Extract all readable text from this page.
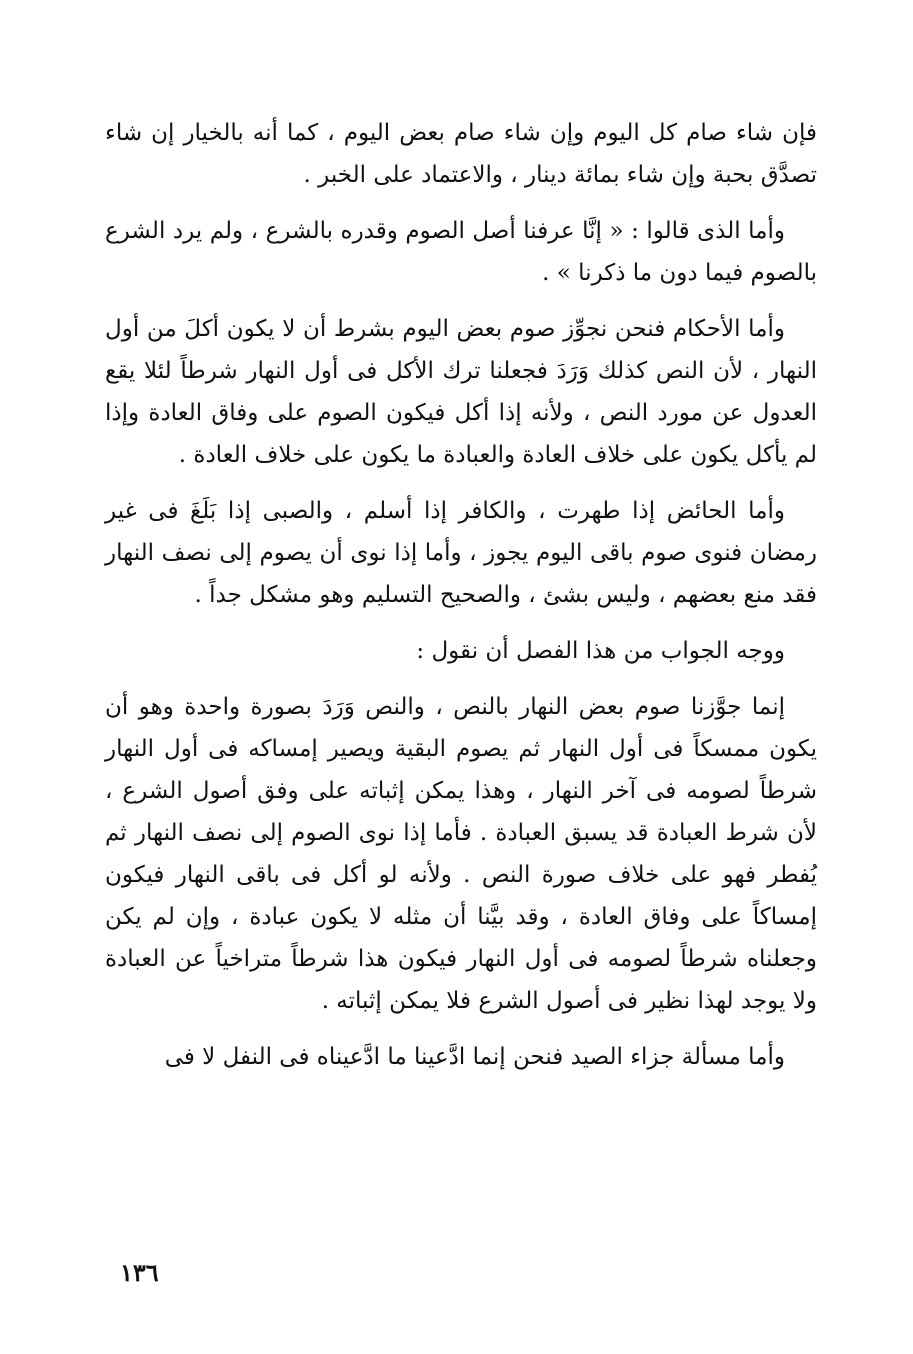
فإن شاء صام كل اليوم وإن شاء صام بعض اليوم ، كما أنه بالخيار إن شاء تصدَّق بحبة وإن شاء بمائة دينار ، والاعتماد على الخبر .

وأما الذى قالوا : « إنَّا عرفنا أصل الصوم وقدره بالشرع ، ولم يرد الشرع بالصوم فيما دون ما ذكرنا » .

وأما الأحكام فنحن نجوِّز صوم بعض اليوم بشرط أن لا يكون أكلَ من أول النهار ، لأن النص كذلك وَرَدَ فجعلنا ترك الأكل فى أول النهار شرطاً لئلا يقع العدول عن مورد النص ، ولأنه إذا أكل فيكون الصوم على وفاق العادة وإذا لم يأكل يكون على خلاف العادة والعبادة ما يكون على خلاف العادة .

وأما الحائض إذا طهرت ، والكافر إذا أسلم ، والصبى إذا بَلَغَ فى غير رمضان فنوى صوم باقى اليوم يجوز ، وأما إذا نوى أن يصوم إلى نصف النهار فقد منع بعضهم ، وليس بشئ ، والصحيح التسليم وهو مشكل جداً .

ووجه الجواب من هذا الفصل أن نقول :

إنما جوَّزنا صوم بعض النهار بالنص ، والنص وَرَدَ بصورة واحدة وهو أن يكون ممسكاً فى أول النهار ثم يصوم البقية ويصير إمساكه فى أول النهار شرطاً لصومه فى آخر النهار ، وهذا يمكن إثباته على وفق أصول الشرع ، لأن شرط العبادة قد يسبق العبادة . فأما إذا نوى الصوم إلى نصف النهار ثم يُفطر فهو على خلاف صورة النص . ولأنه لو أكل فى باقى النهار فيكون إمساكاً على وفاق العادة ، وقد بيَّنا أن مثله لا يكون عبادة ، وإن لم يكن وجعلناه شرطاً لصومه فى أول النهار فيكون هذا شرطاً متراخياً عن العبادة ولا يوجد لهذا نظير فى أصول الشرع فلا يمكن إثباته .

وأما مسألة جزاء الصيد فنحن إنما ادَّعينا ما ادَّعيناه فى النفل لا فى

١٣٦
